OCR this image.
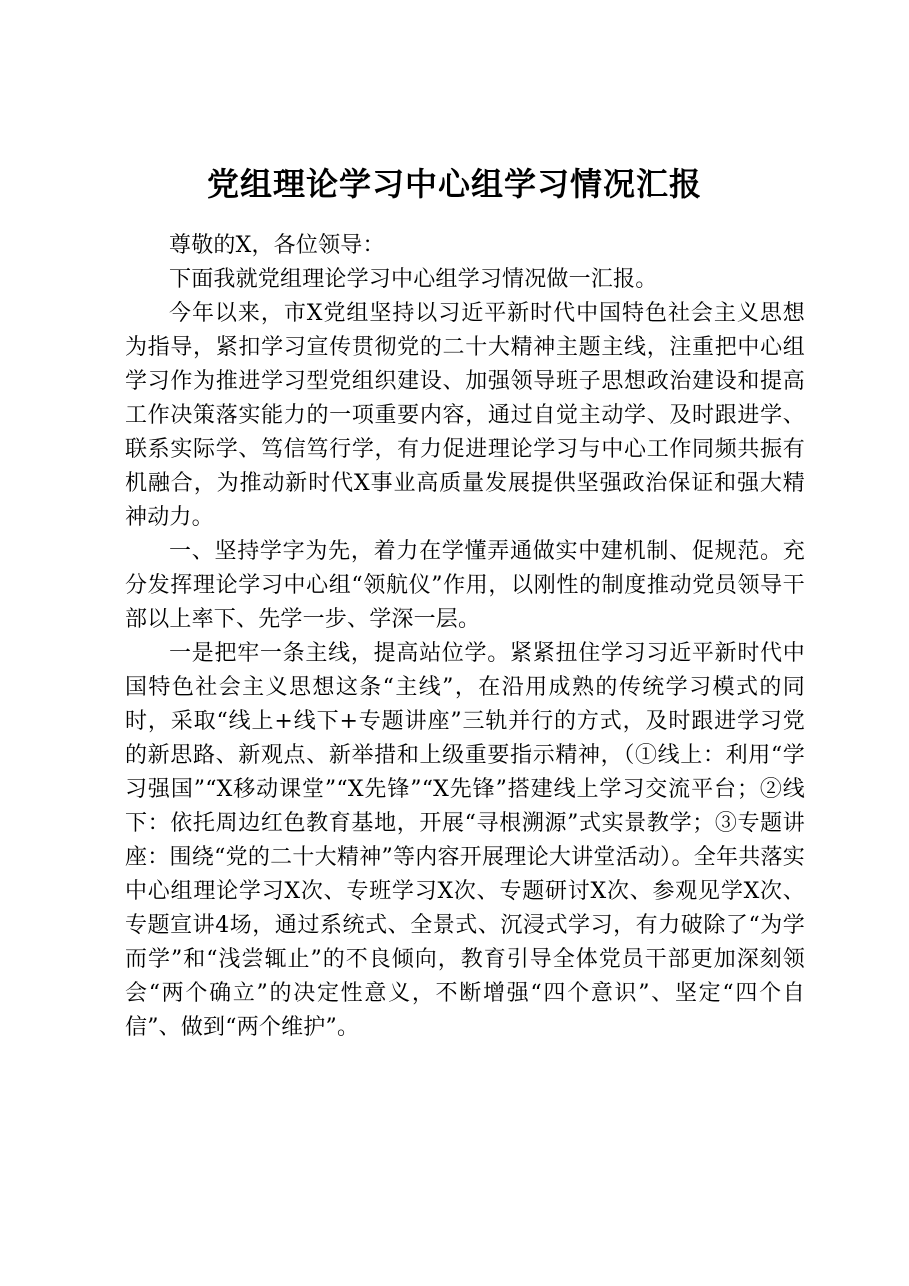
党组理论学习中心组学习情况汇报

尊敬的X，各位领导：

下面我就党组理论学习中心组学习情况做一汇报。

今年以来，市X党组坚持以习近平新时代中国特色社会主义思想为指导，紧扣学习宣传贯彻党的二十大精神主题主线，注重把中心组学习作为推进学习型党组织建设、加强领导班子思想政治建设和提高工作决策落实能力的一项重要内容，通过自觉主动学、及时跟进学、联系实际学、笃信笃行学，有力促进理论学习与中心工作同频共振有机融合，为推动新时代X事业高质量发展提供坚强政治保证和强大精神动力。

一、坚持学字为先，着力在学懂弄通做实中建机制、促规范。充分发挥理论学习中心组“领航仪”作用，以刚性的制度推动党员领导干部以上率下、先学一步、学深一层。

一是把牢一条主线，提高站位学。紧紧扭住学习习近平新时代中国特色社会主义思想这条“主线”，在沿用成熟的传统学习模式的同时，采取“线上+线下+专题讲座”三轨并行的方式，及时跟进学习党的新思路、新观点、新举措和上级重要指示精神，（①线上：利用“学习强国”“X移动课堂”“X先锋”“X先锋”搭建线上学习交流平台；②线下：依托周边红色教育基地，开展“寻根溯源”式实景教学；③专题讲座：围绕“党的二十大精神”等内容开展理论大讲堂活动）。全年共落实中心组理论学习X次、专班学习X次、专题研讨X次、参观见学X次、专题宣讲4场，通过系统式、全景式、沉浸式学习，有力破除了“为学而学”和“浅尝辄止”的不良倾向，教育引导全体党员干部更加深刻领会“两个确立”的决定性意义，不断增强“四个意识”、坚定“四个自信”、做到“两个维护”。
